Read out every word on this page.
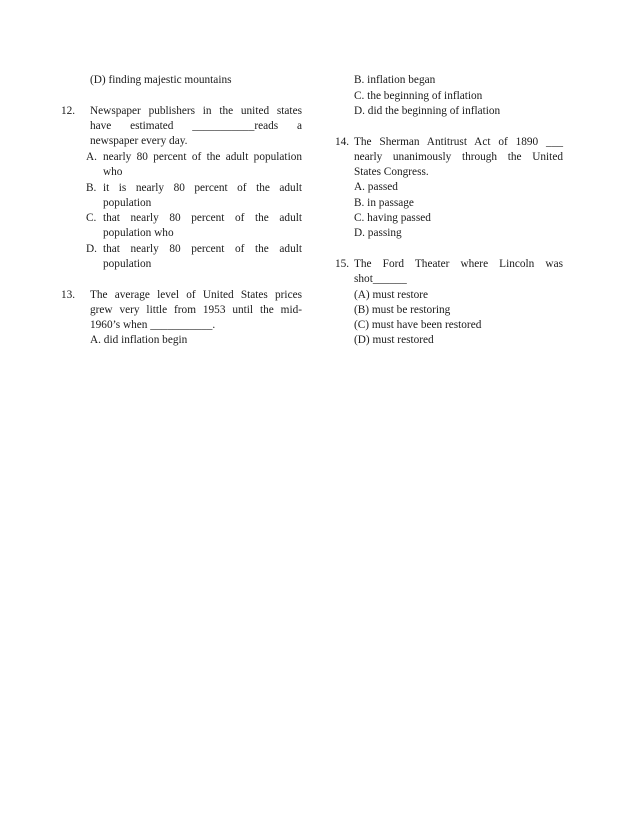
(D) finding majestic mountains
12. Newspaper publishers in the united states
have estimated ___________reads a
newspaper every day.
A. nearly 80 percent of the adult population
who
B. it is nearly 80 percent of the adult
population
C. that nearly 80 percent of the adult
population who
D. that nearly 80 percent of the adult
population
13. The average level of United States prices
grew very little from 1953 until the mid-
1960’s when ___________.
A. did inflation begin
B. inflation began
C. the beginning of inflation
D. did the beginning of inflation
14. The Sherman Antitrust Act of 1890 ___
nearly unanimously through the United
States Congress.
A. passed
B. in passage
C. having passed
D. passing
15. The Ford Theater where Lincoln was
shot______
(A) must restore
(B) must be restoring
(C) must have been restored
(D) must restored
